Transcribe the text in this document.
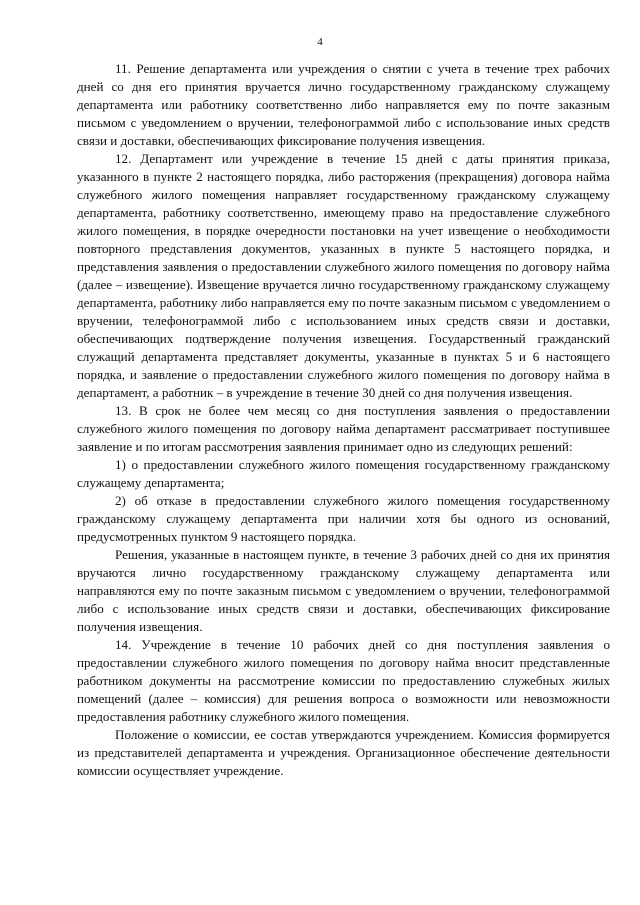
4

11. Решение департамента или учреждения о снятии с учета в течение трех рабочих дней со дня его принятия вручается лично государственному гражданскому служащему департамента или работнику соответственно либо направляется ему по почте заказным письмом с уведомлением о вручении, телефонограммой либо с использование иных средств связи и доставки, обеспечивающих фиксирование получения извещения.

12. Департамент или учреждение в течение 15 дней с даты принятия приказа, указанного в пункте 2 настоящего порядка, либо расторжения (прекращения) договора найма служебного жилого помещения направляет государственному гражданскому служащему департамента, работнику соответственно, имеющему право на предоставление служебного жилого помещения, в порядке очередности постановки на учет извещение о необходимости повторного представления документов, указанных в пункте 5 настоящего порядка, и представления заявления о предоставлении служебного жилого помещения по договору найма (далее – извещение). Извещение вручается лично государственному гражданскому служащему департамента, работнику либо направляется ему по почте заказным письмом с уведомлением о вручении, телефонограммой либо с использованием иных средств связи и доставки, обеспечивающих подтверждение получения извещения. Государственный гражданский служащий департамента представляет документы, указанные в пунктах 5 и 6 настоящего порядка, и заявление о предоставлении служебного жилого помещения по договору найма в департамент, а работник – в учреждение в течение 30 дней со дня получения извещения.

13. В срок не более чем месяц со дня поступления заявления о предоставлении служебного жилого помещения по договору найма департамент рассматривает поступившее заявление и по итогам рассмотрения заявления принимает одно из следующих решений:

1) о предоставлении служебного жилого помещения государственному гражданскому служащему департамента;

2) об отказе в предоставлении служебного жилого помещения государственному гражданскому служащему департамента при наличии хотя бы одного из оснований, предусмотренных пунктом 9 настоящего порядка.

Решения, указанные в настоящем пункте, в течение 3 рабочих дней со дня их принятия вручаются лично государственному гражданскому служащему департамента или направляются ему по почте заказным письмом с уведомлением о вручении, телефонограммой либо с использование иных средств связи и доставки, обеспечивающих фиксирование получения извещения.

14. Учреждение в течение 10 рабочих дней со дня поступления заявления о предоставлении служебного жилого помещения по договору найма вносит представленные работником документы на рассмотрение комиссии по предоставлению служебных жилых помещений (далее – комиссия) для решения вопроса о возможности или невозможности предоставления работнику служебного жилого помещения.

Положение о комиссии, ее состав утверждаются учреждением. Комиссия формируется из представителей департамента и учреждения. Организационное обеспечение деятельности комиссии осуществляет учреждение.
